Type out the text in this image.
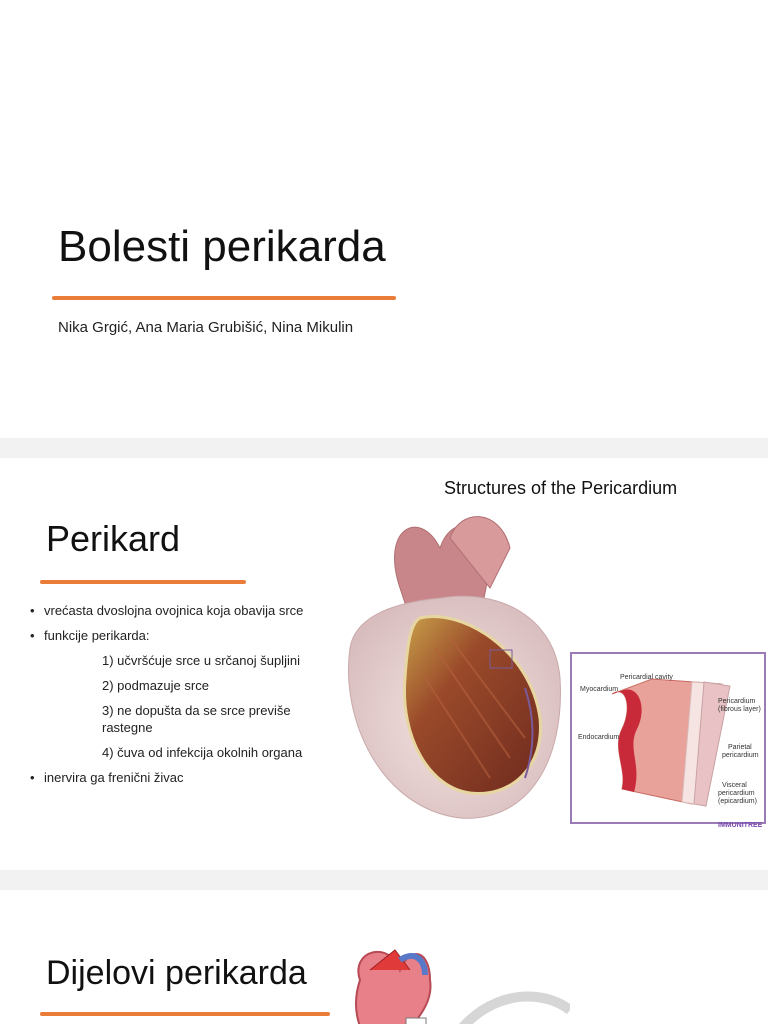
Bolesti perikarda
Nika Grgić, Ana Maria Grubišić, Nina Mikulin
Perikard
• vrećasta dvoslojna ovojnica koja obavija srce
• funkcije perikarda:
1) učvršćuje srce u srčanoj šupljini
2) podmazuje srce
3) ne dopušta da se srce previše rastegne
4) čuva od infekcija okolnih organa
• inervira ga frenični živac
Structures of the Pericardium
Pericardial cavity
Myocardium
Pericardium
(fibrous layer)
Endocardium
Parietal
pericardium
Visceral
pericardium
(epicardium)
IMMUNITREE
Dijelovi perikarda
